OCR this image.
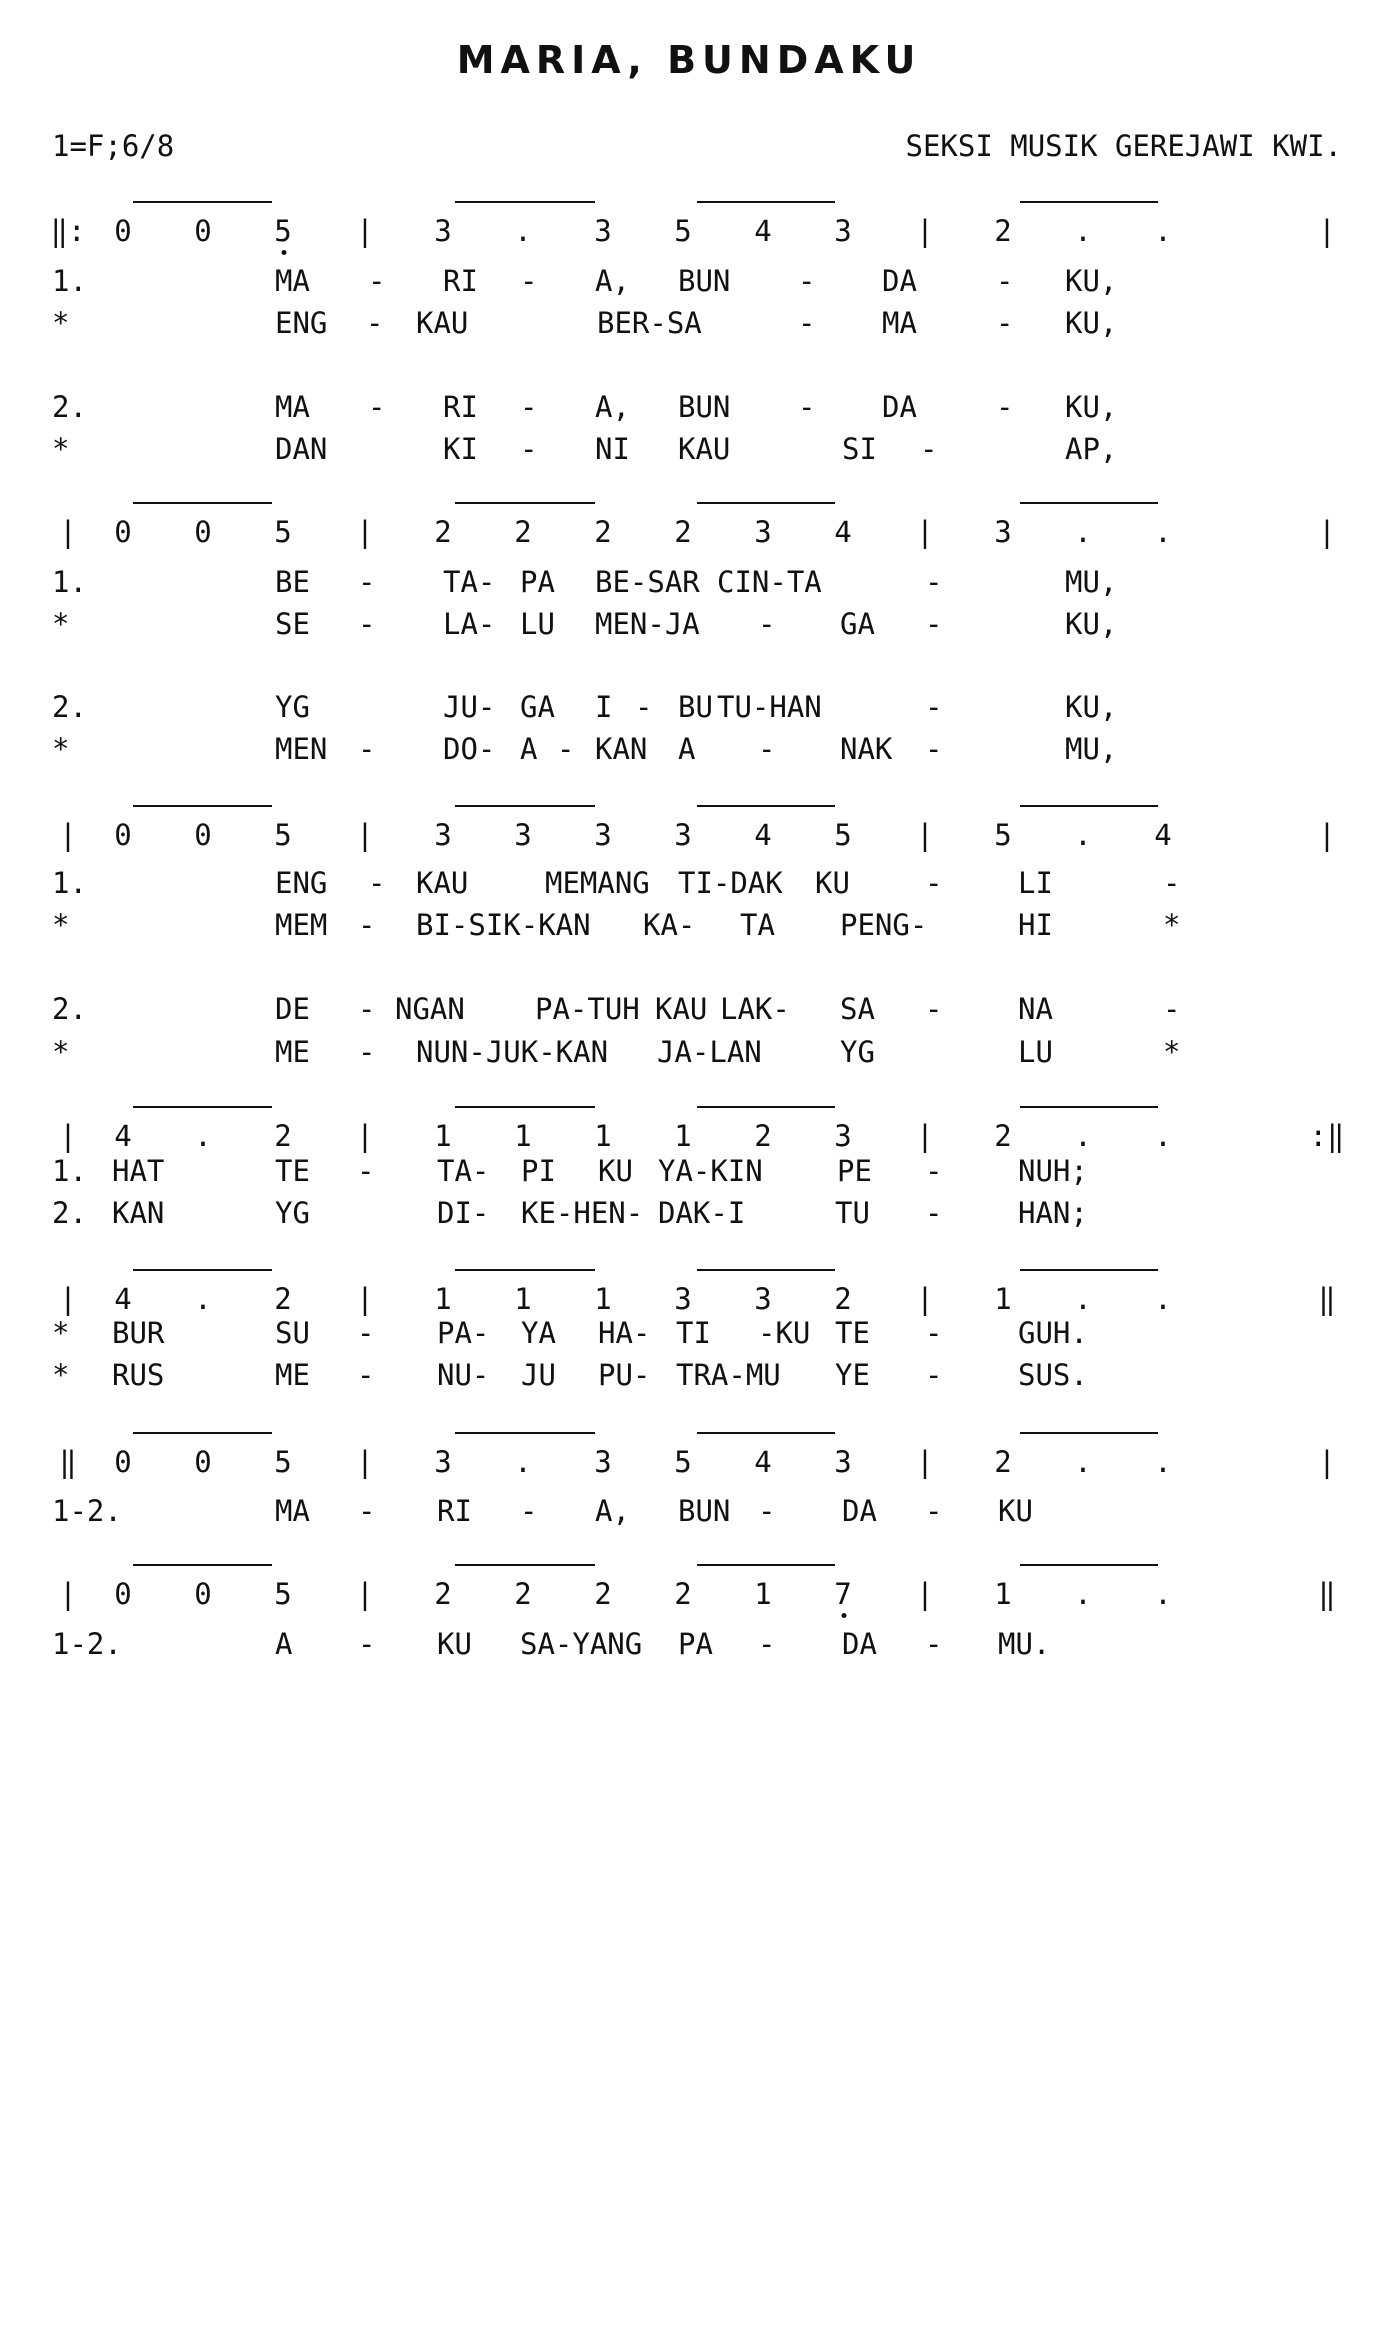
MARIA, BUNDAKU
1=F;6/8	SEKSI MUSIK GEREJAWI KWI.
‖: 0 0 5 | 3 . 3 5 4 3 | 2 . .	|
1.	MA - RI - A, BUN - DA	- KU,
*	ENG - KAU	BER-SA	- MA	- KU,
2.	MA - RI - A, BUN - DA	- KU,
*	DAN	KI - NI KAU	SI -	AP,
| 0 0 5 | 2 2 2 2 3 4 | 3 . .	|
1.	BE - TA- PA BE-SAR CIN-TA	-	MU,
*	SE - LA- LU MEN-JA - GA -	KU,
2.	YG	JU- GA I - BU TU-HAN	-	KU,
*	MEN - DO- A - KAN A - NAK -	MU,
| 0 0 5 | 3 3 3 3 4 5 | 5 . 4	|
1.	ENG - KAU	MEMANG TI-DAK KU	-	LI	-
*	MEM - BI-SIK-KAN KA- TA PENG-	HI	*
2.	DE - NGAN PA-TUH KAU LAK- SA -	NA	-
*	ME - NUN-JUK-KAN JA-LAN	YG	LU	*
| 4 . 2 | 1 1 1 1 2 3 | 2 . .	:‖
1. HAT	TE - TA- PI KU YA-KIN	PE -	NUH;
2. KAN	YG	DI- KE-HEN- DAK-I	TU -	HAN;
| 4 . 2 | 1 1 1 3 3 2 | 1 . .	‖
* BUR	SU - PA- YA HA- TI -KU TE -	GUH.
* RUS	ME - NU- JU PU- TRA-MU YE -	SUS.
‖ 0 0 5 | 3 . 3 5 4 3 | 2 . .	|
1-2.	MA - RI - A, BUN - DA - KU
| 0 0 5 | 2 2 2 2 1 7 | 1 . .	‖
1-2.	A - KU SA-YANG PA - DA - MU.
